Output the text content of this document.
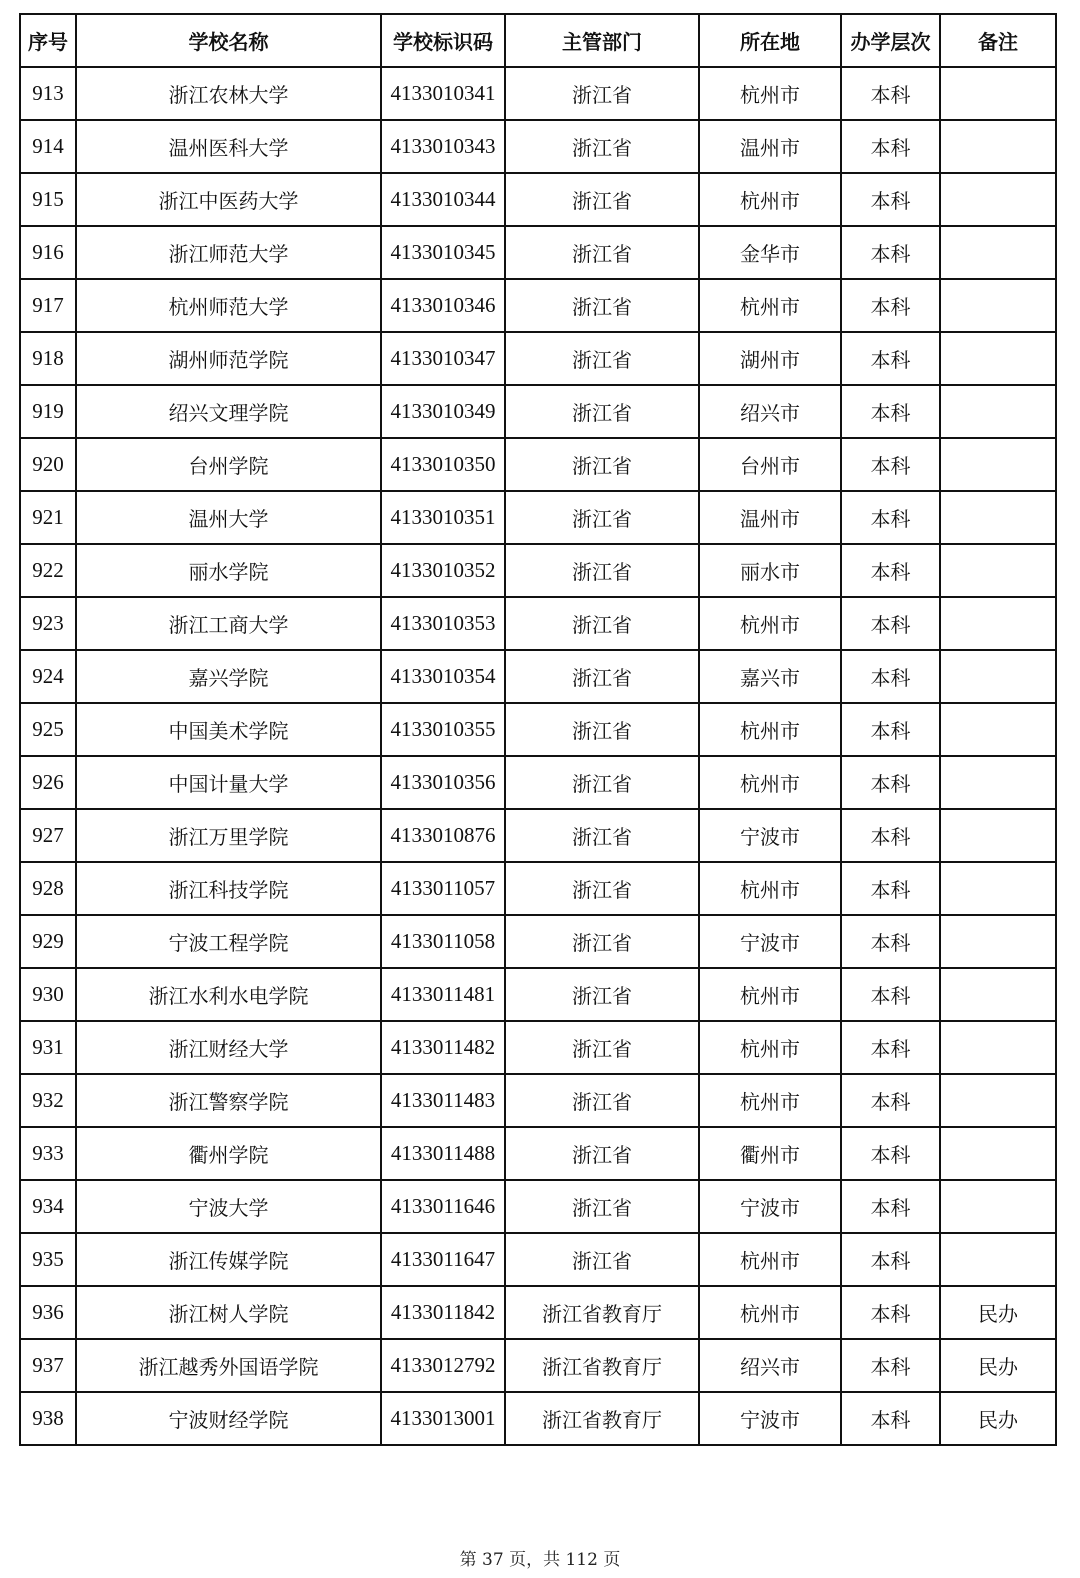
序号	学校名称	学校标识码	主管部门	所在地	办学层次	备注
913	浙江农林大学	4133010341	浙江省	杭州市	本科	
914	温州医科大学	4133010343	浙江省	温州市	本科	
915	浙江中医药大学	4133010344	浙江省	杭州市	本科	
916	浙江师范大学	4133010345	浙江省	金华市	本科	
917	杭州师范大学	4133010346	浙江省	杭州市	本科	
918	湖州师范学院	4133010347	浙江省	湖州市	本科	
919	绍兴文理学院	4133010349	浙江省	绍兴市	本科	
920	台州学院	4133010350	浙江省	台州市	本科	
921	温州大学	4133010351	浙江省	温州市	本科	
922	丽水学院	4133010352	浙江省	丽水市	本科	
923	浙江工商大学	4133010353	浙江省	杭州市	本科	
924	嘉兴学院	4133010354	浙江省	嘉兴市	本科	
925	中国美术学院	4133010355	浙江省	杭州市	本科	
926	中国计量大学	4133010356	浙江省	杭州市	本科	
927	浙江万里学院	4133010876	浙江省	宁波市	本科	
928	浙江科技学院	4133011057	浙江省	杭州市	本科	
929	宁波工程学院	4133011058	浙江省	宁波市	本科	
930	浙江水利水电学院	4133011481	浙江省	杭州市	本科	
931	浙江财经大学	4133011482	浙江省	杭州市	本科	
932	浙江警察学院	4133011483	浙江省	杭州市	本科	
933	衢州学院	4133011488	浙江省	衢州市	本科	
934	宁波大学	4133011646	浙江省	宁波市	本科	
935	浙江传媒学院	4133011647	浙江省	杭州市	本科	
936	浙江树人学院	4133011842	浙江省教育厅	杭州市	本科	民办
937	浙江越秀外国语学院	4133012792	浙江省教育厅	绍兴市	本科	民办
938	宁波财经学院	4133013001	浙江省教育厅	宁波市	本科	民办
第 37 页，共 112 页
